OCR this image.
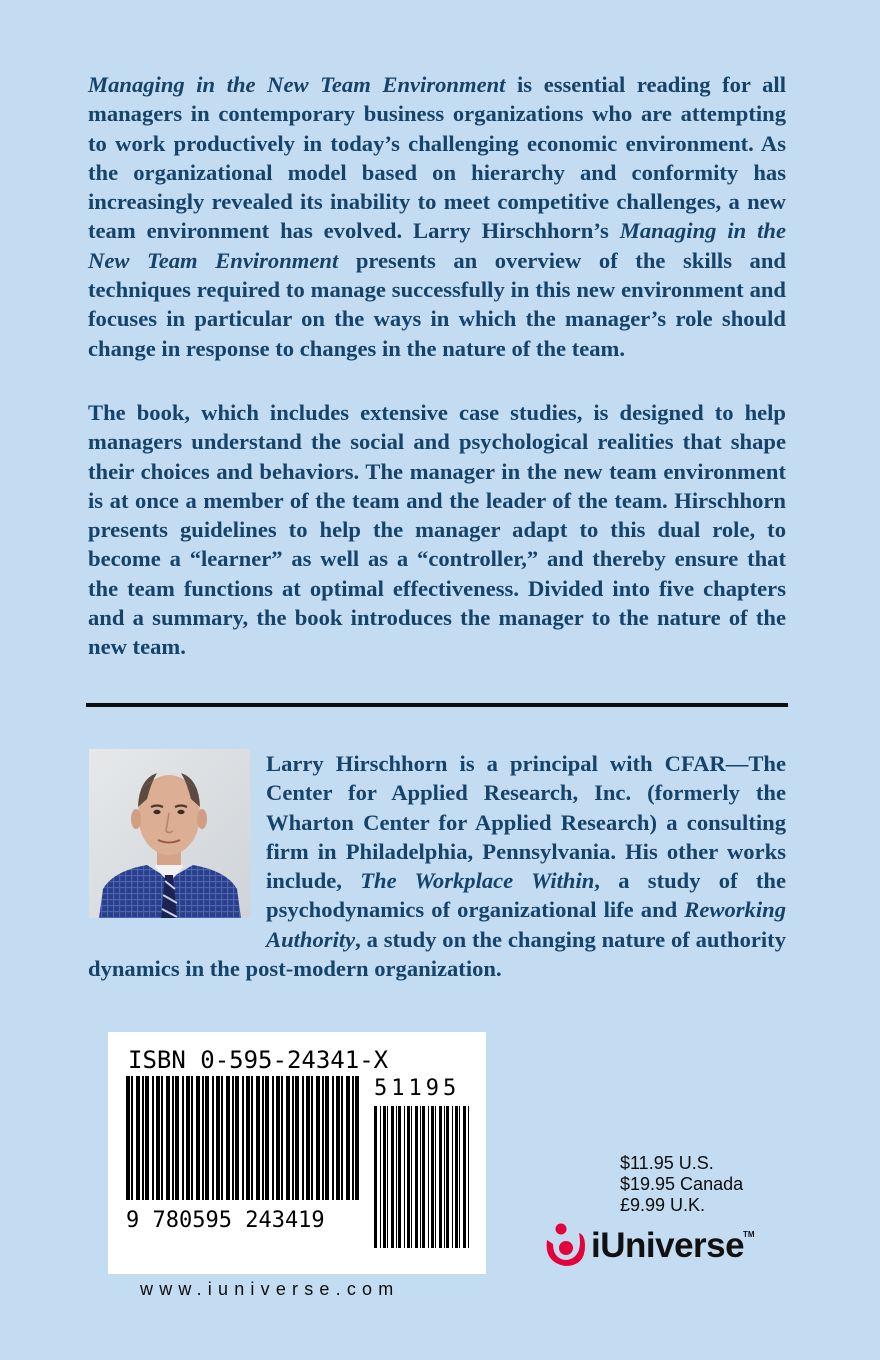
Managing in the New Team Environment is essential reading for all managers in contemporary business organizations who are attempting to work productively in today’s challenging economic environment. As the organizational model based on hierarchy and conformity has increasingly revealed its inability to meet competitive challenges, a new team environment has evolved. Larry Hirschhorn’s Managing in the New Team Environment presents an overview of the skills and techniques required to manage successfully in this new environment and focuses in particular on the ways in which the manager’s role should change in response to changes in the nature of the team.

The book, which includes extensive case studies, is designed to help managers understand the social and psychological realities that shape their choices and behaviors. The manager in the new team environment is at once a member of the team and the leader of the team. Hirschhorn presents guidelines to help the manager adapt to this dual role, to become a “learner” as well as a “controller,” and thereby ensure that the team functions at optimal effectiveness. Divided into five chapters and a summary, the book introduces the manager to the nature of the new team.

Larry Hirschhorn is a principal with CFAR—The Center for Applied Research, Inc. (formerly the Wharton Center for Applied Research) a consulting firm in Philadelphia, Pennsylvania. His other works include, The Workplace Within, a study of the psychodynamics of organizational life and Reworking Authority, a study on the changing nature of authority dynamics in the post-modern organization.

ISBN 0-595-24341-X
51195
9 780595 243419
www.iuniverse.com
$11.95 U.S.
$19.95 Canada
£9.99 U.K.
iUniverse
TM
